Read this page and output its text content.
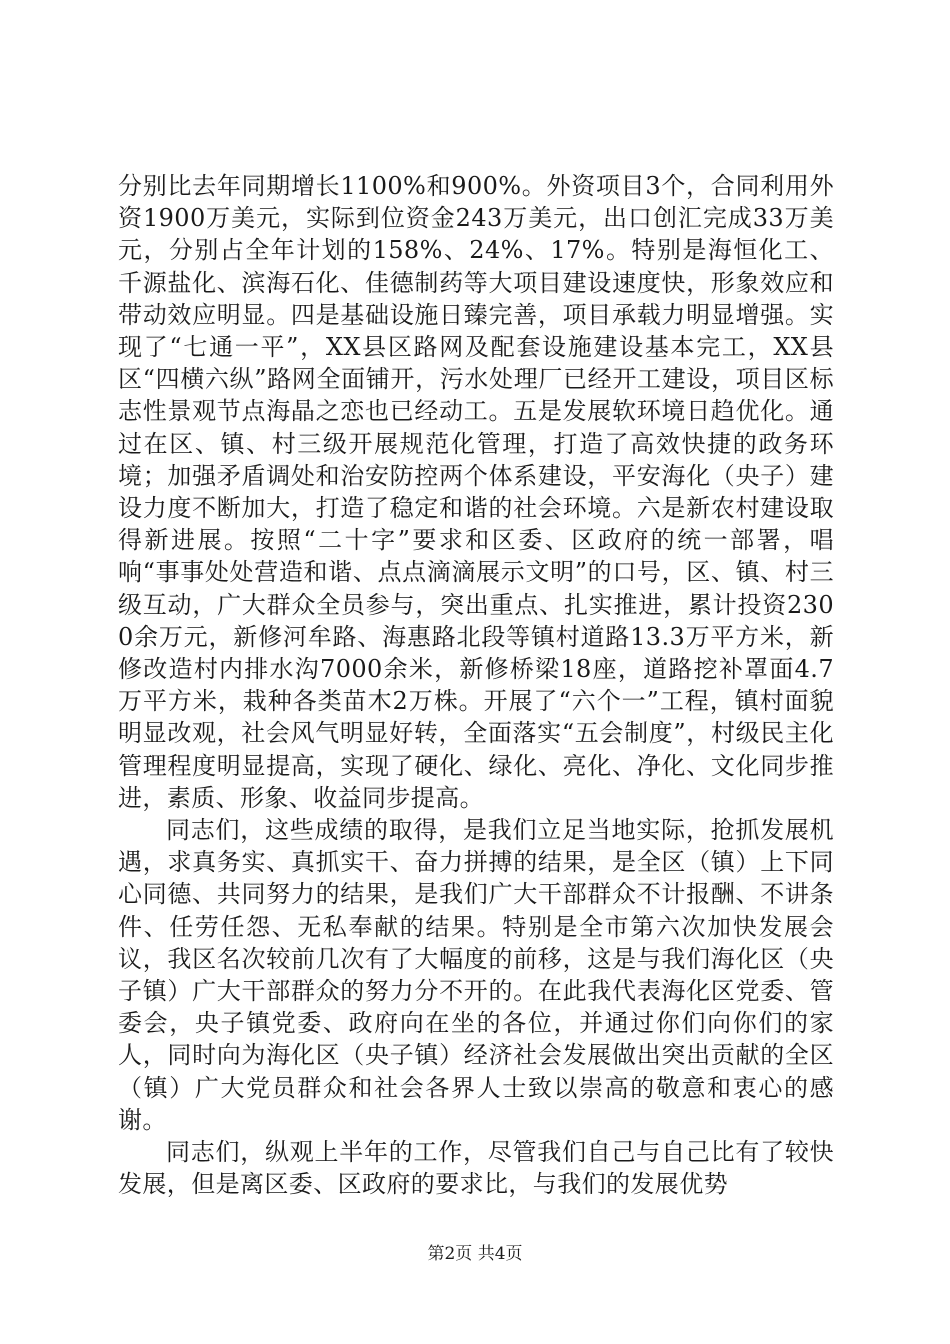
分别比去年同期增长1100%和900%。外资项目3个，合同利用外资1900万美元，实际到位资金243万美元，出口创汇完成33万美元，分别占全年计划的158%、24%、17%。特别是海恒化工、千源盐化、滨海石化、佳德制药等大项目建设速度快，形象效应和带动效应明显。四是基础设施日臻完善，项目承载力明显增强。实现了“七通一平”，XX县区路网及配套设施建设基本完工，XX县区“四横六纵”路网全面铺开，污水处理厂已经开工建设，项目区标志性景观节点海晶之恋也已经动工。五是发展软环境日趋优化。通过在区、镇、村三级开展规范化管理，打造了高效快捷的政务环境；加强矛盾调处和治安防控两个体系建设，平安海化（央子）建设力度不断加大，打造了稳定和谐的社会环境。六是新农村建设取得新进展。按照“二十字”要求和区委、区政府的统一部署，唱响“事事处处营造和谐、点点滴滴展示文明”的口号，区、镇、村三级互动，广大群众全员参与，突出重点、扎实推进，累计投资2300余万元，新修河牟路、海惠路北段等镇村道路13.3万平方米，新修改造村内排水沟7000余米，新修桥梁18座，道路挖补罩面4.7万平方米，栽种各类苗木2万株。开展了“六个一”工程，镇村面貌明显改观，社会风气明显好转，全面落实“五会制度”，村级民主化管理程度明显提高，实现了硬化、绿化、亮化、净化、文化同步推进，素质、形象、收益同步提高。

同志们，这些成绩的取得，是我们立足当地实际，抢抓发展机遇，求真务实、真抓实干、奋力拼搏的结果，是全区（镇）上下同心同德、共同努力的结果，是我们广大干部群众不计报酬、不讲条件、任劳任怨、无私奉献的结果。特别是全市第六次加快发展会议，我区名次较前几次有了大幅度的前移，这是与我们海化区（央子镇）广大干部群众的努力分不开的。在此我代表海化区党委、管委会，央子镇党委、政府向在坐的各位，并通过你们向你们的家人，同时向为海化区（央子镇）经济社会发展做出突出贡献的全区（镇）广大党员群众和社会各界人士致以崇高的敬意和衷心的感谢。

同志们，纵观上半年的工作，尽管我们自己与自己比有了较快发展，但是离区委、区政府的要求比，与我们的发展优势

第2页 共4页
